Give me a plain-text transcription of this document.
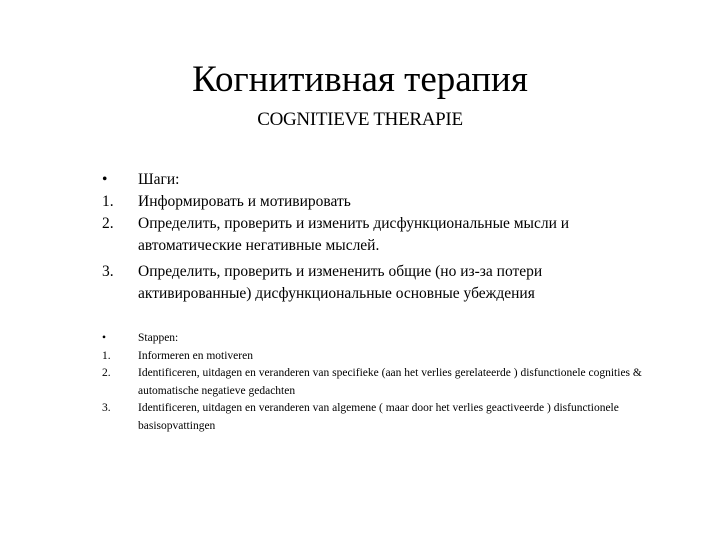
Когнитивная терапия
COGNITIEVE THERAPIE
• Шаги:
1. Информировать и мотивировать
2. Определить, проверить и изменить дисфункциональные мысли и автоматические негативные мыслей.
3. Определить, проверить и измененить общие (но из-за потери активированные) дисфункциональные основные убеждения
•	Stappen:
1. Informeren en motiveren
2. Identificeren, uitdagen en veranderen van specifieke (aan het verlies gerelateerde ) disfunctionele cognities & automatische negatieve gedachten
3. Identificeren, uitdagen en veranderen van algemene ( maar door het verlies geactiveerde ) disfunctionele basisopvattingen
